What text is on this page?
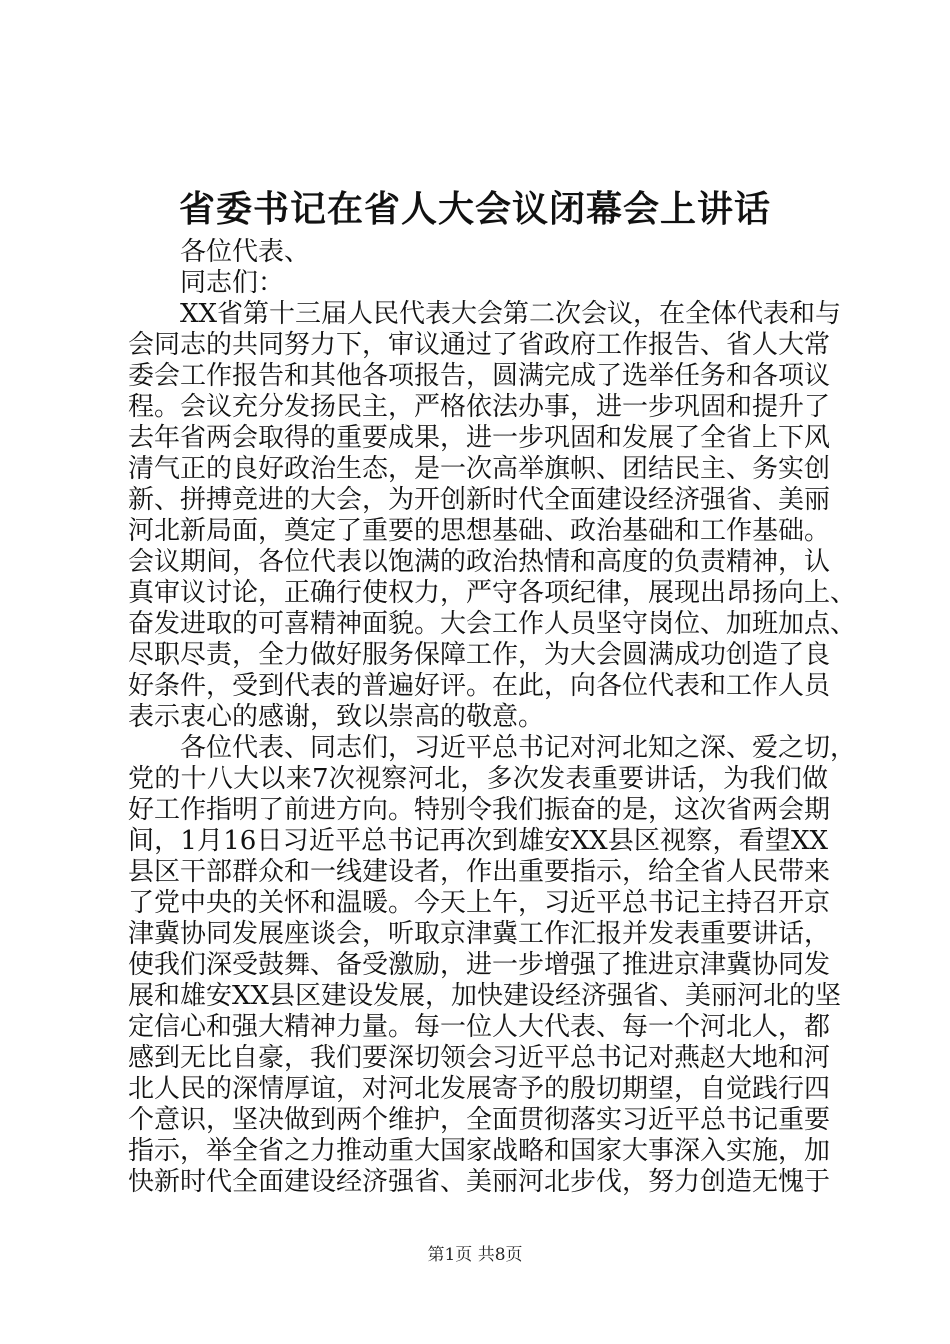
省委书记在省人大会议闭幕会上讲话
各位代表、
同志们：
XX省第十三届人民代表大会第二次会议，在全体代表和与
会同志的共同努力下，审议通过了省政府工作报告、省人大常
委会工作报告和其他各项报告，圆满完成了选举任务和各项议
程。会议充分发扬民主，严格依法办事，进一步巩固和提升了
去年省两会取得的重要成果，进一步巩固和发展了全省上下风
清气正的良好政治生态，是一次高举旗帜、团结民主、务实创
新、拼搏竞进的大会，为开创新时代全面建设经济强省、美丽
河北新局面，奠定了重要的思想基础、政治基础和工作基础。
会议期间，各位代表以饱满的政治热情和高度的负责精神，认
真审议讨论，正确行使权力，严守各项纪律，展现出昂扬向上、
奋发进取的可喜精神面貌。大会工作人员坚守岗位、加班加点、
尽职尽责，全力做好服务保障工作，为大会圆满成功创造了良
好条件，受到代表的普遍好评。在此，向各位代表和工作人员
表示衷心的感谢，致以崇高的敬意。
各位代表、同志们，习近平总书记对河北知之深、爱之切，
党的十八大以来7次视察河北，多次发表重要讲话，为我们做
好工作指明了前进方向。特别令我们振奋的是，这次省两会期
间，1月16日习近平总书记再次到雄安XX县区视察，看望XX
县区干部群众和一线建设者，作出重要指示，给全省人民带来
了党中央的关怀和温暖。今天上午，习近平总书记主持召开京
津冀协同发展座谈会，听取京津冀工作汇报并发表重要讲话，
使我们深受鼓舞、备受激励，进一步增强了推进京津冀协同发
展和雄安XX县区建设发展，加快建设经济强省、美丽河北的坚
定信心和强大精神力量。每一位人大代表、每一个河北人，都
感到无比自豪，我们要深切领会习近平总书记对燕赵大地和河
北人民的深情厚谊，对河北发展寄予的殷切期望，自觉践行四
个意识，坚决做到两个维护，全面贯彻落实习近平总书记重要
指示，举全省之力推动重大国家战略和国家大事深入实施，加
快新时代全面建设经济强省、美丽河北步伐，努力创造无愧于
第1页 共8页
